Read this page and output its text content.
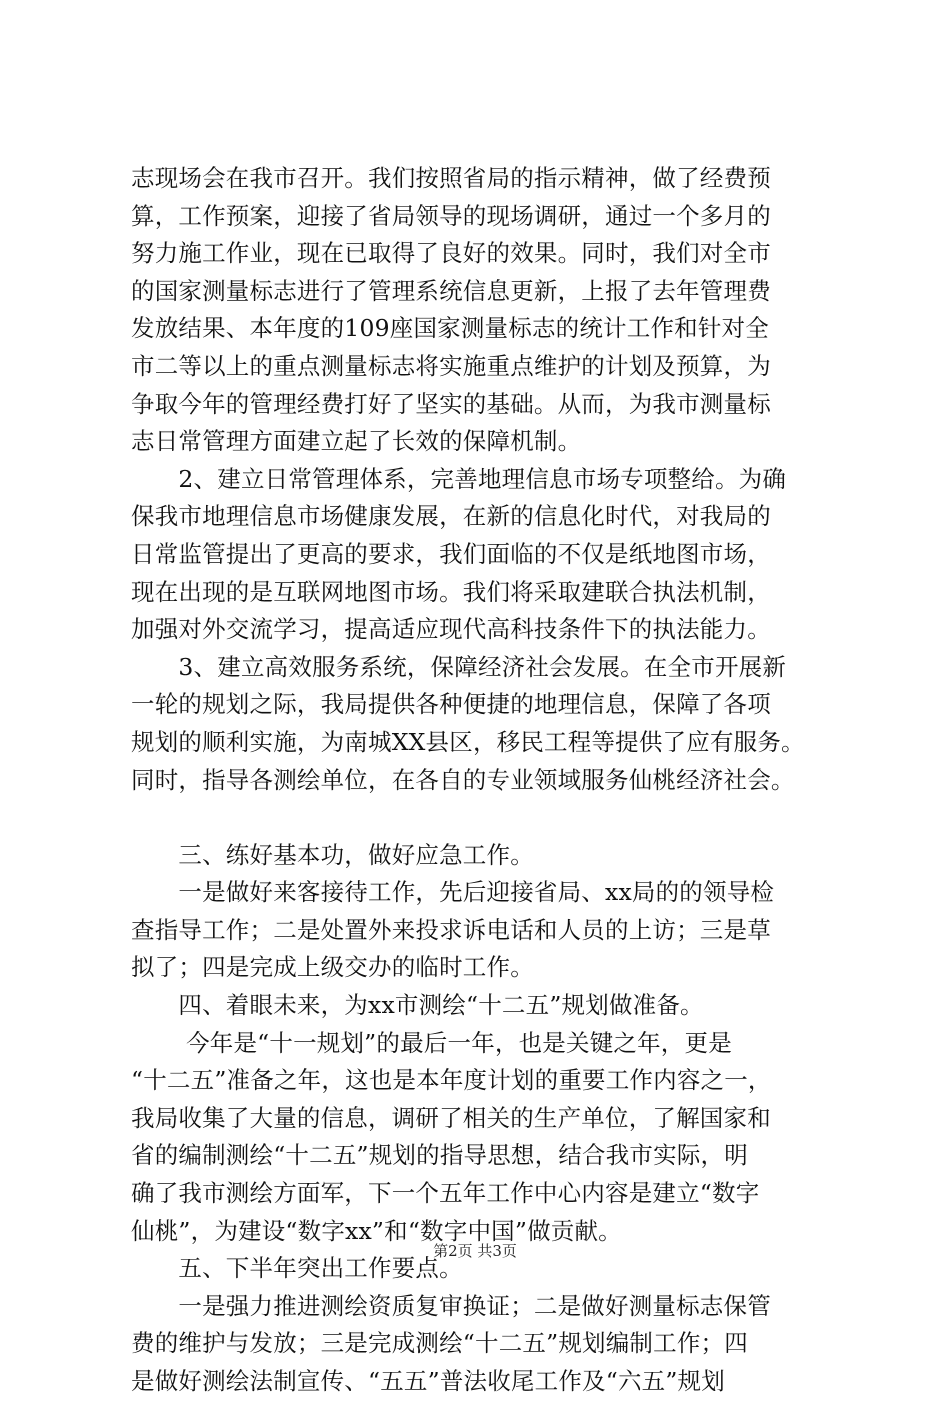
志现场会在我市召开。我们按照省局的指示精神，做了经费预
算，工作预案，迎接了省局领导的现场调研，通过一个多月的
努力施工作业，现在已取得了良好的效果。同时，我们对全市
的国家测量标志进行了管理系统信息更新，上报了去年管理费
发放结果、本年度的109座国家测量标志的统计工作和针对全
市二等以上的重点测量标志将实施重点维护的计划及预算，为
争取今年的管理经费打好了坚实的基础。从而，为我市测量标
志日常管理方面建立起了长效的保障机制。
　　2、建立日常管理体系，完善地理信息市场专项整给。为确
保我市地理信息市场健康发展，在新的信息化时代，对我局的
日常监管提出了更高的要求，我们面临的不仅是纸地图市场，
现在出现的是互联网地图市场。我们将采取建联合执法机制，
加强对外交流学习，提高适应现代高科技条件下的执法能力。
　　3、建立高效服务系统，保障经济社会发展。在全市开展新
一轮的规划之际，我局提供各种便捷的地理信息，保障了各项
规划的顺利实施，为南城XX县区，移民工程等提供了应有服务。
同时，指导各测绘单位，在各自的专业领域服务仙桃经济社会。
　　三、练好基本功，做好应急工作。
　　一是做好来客接待工作，先后迎接省局、xx局的的领导检
查指导工作；二是处置外来投求诉电话和人员的上访；三是草
拟了；四是完成上级交办的临时工作。
　　四、着眼未来，为xx市测绘“十二五”规划做准备。
　　 今年是“十一规划”的最后一年，也是关键之年，更是
“十二五”准备之年，这也是本年度计划的重要工作内容之一，
我局收集了大量的信息，调研了相关的生产单位，了解国家和
省的编制测绘“十二五”规划的指导思想，结合我市实际，明
确了我市测绘方面军，下一个五年工作中心内容是建立“数字
仙桃”，为建设“数字xx”和“数字中国”做贡献。
　　五、下半年突出工作要点。
　　一是强力推进测绘资质复审换证；二是做好测量标志保管
费的维护与发放；三是完成测绘“十二五”规划编制工作；四
是做好测绘法制宣传、“五五”普法收尾工作及“六五”规划
第2页 共3页
